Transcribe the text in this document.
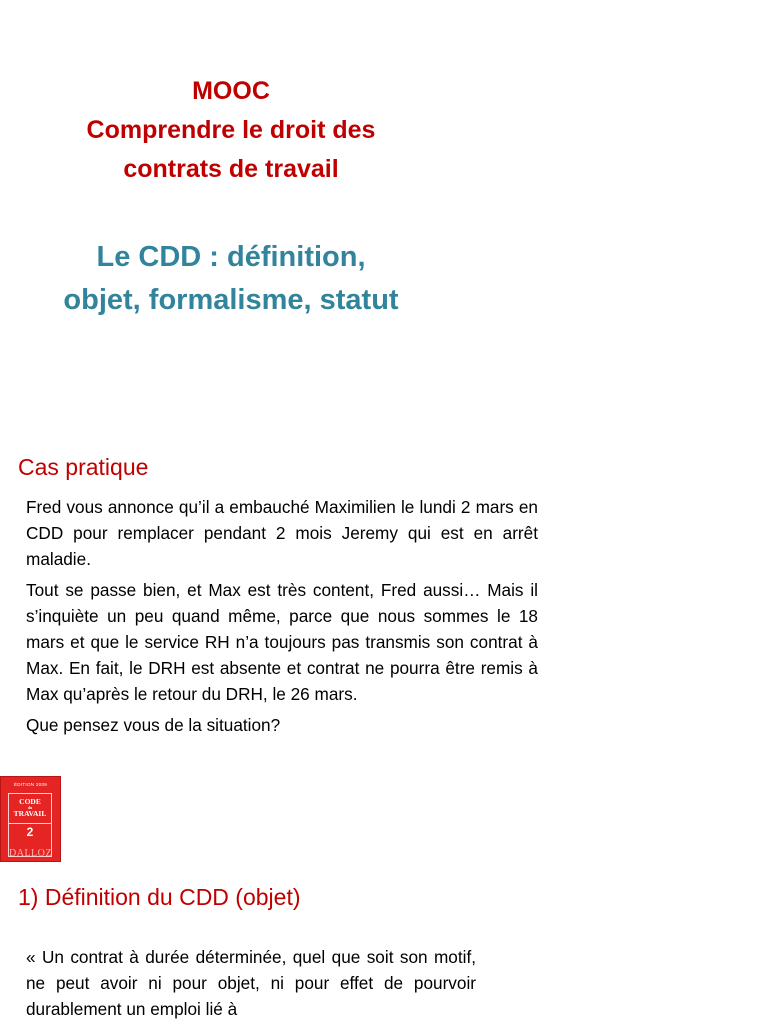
MOOC
Comprendre le droit des
contrats de travail
Le CDD : définition,
objet, formalisme, statut
Cas pratique

Fred vous annonce qu’il a embauché Maximilien le lundi 2 mars en CDD pour remplacer pendant 2 mois Jeremy qui est en arrêt maladie.

Tout se passe bien, et Max est très content, Fred aussi… Mais il s’inquiète un peu quand même, parce que nous sommes le 18 mars et que le service RH n’a toujours pas transmis son contrat à Max. En fait, le DRH est absente et contrat ne pourra être remis à Max qu’après le retour du DRH, le 26 mars.

Que pensez vous de la situation?

ÉDITION 2009
CODE
du
TRAVAIL
2
DALLOZ
1) Définition du CDD (objet)

« Un contrat à durée déterminée, quel que soit son motif, ne peut avoir ni pour objet, ni pour effet de pourvoir durablement un emploi lié à
